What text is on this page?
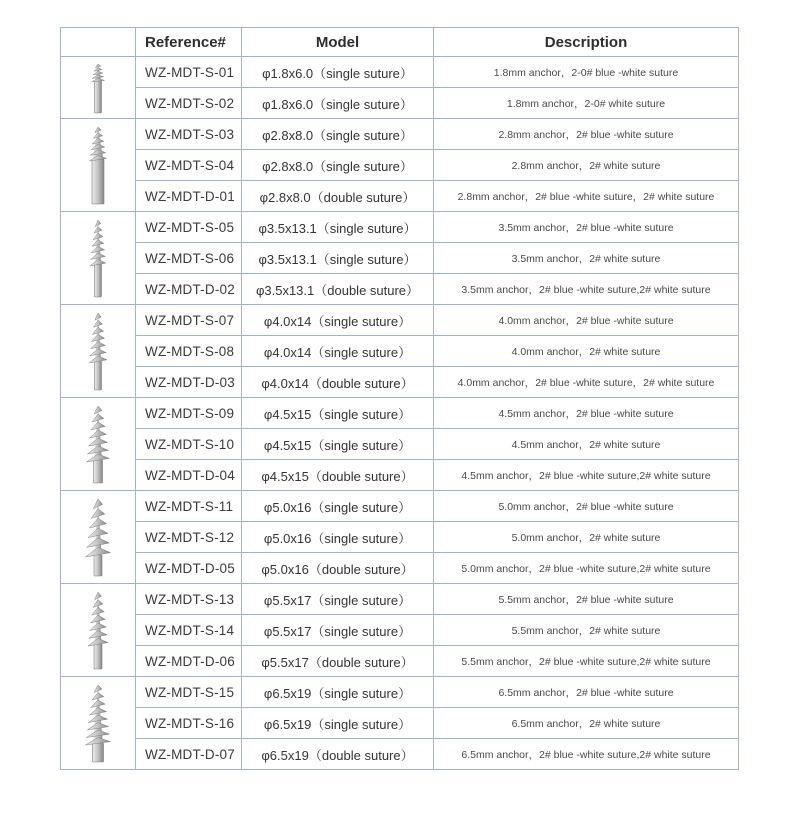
	Reference#	Model	Description

	WZ-MDT-S-01	φ1.8x6.0（single suture）	1.8mm anchor，2-0# blue -white suture
	WZ-MDT-S-02	φ1.8x6.0（single suture）	1.8mm anchor，2-0# white suture

	WZ-MDT-S-03	φ2.8x8.0（single suture）	2.8mm anchor，2# blue -white suture
	WZ-MDT-S-04	φ2.8x8.0（single suture）	2.8mm anchor，2# white suture
	WZ-MDT-D-01	φ2.8x8.0（double suture）	2.8mm anchor，2# blue -white suture，2# white suture

	WZ-MDT-S-05	φ3.5x13.1（single suture）	3.5mm anchor，2# blue -white suture
	WZ-MDT-S-06	φ3.5x13.1（single suture）	3.5mm anchor，2# white suture
	WZ-MDT-D-02	φ3.5x13.1（double suture）	3.5mm anchor，2# blue -white suture,2# white suture

	WZ-MDT-S-07	φ4.0x14（single suture）	4.0mm anchor，2# blue -white suture
	WZ-MDT-S-08	φ4.0x14（single suture）	4.0mm anchor，2# white suture
	WZ-MDT-D-03	φ4.0x14（double suture）	4.0mm anchor，2# blue -white suture，2# white suture

	WZ-MDT-S-09	φ4.5x15（single suture）	4.5mm anchor，2# blue -white suture
	WZ-MDT-S-10	φ4.5x15（single suture）	4.5mm anchor，2# white suture
	WZ-MDT-D-04	φ4.5x15（double suture）	4.5mm anchor，2# blue -white suture,2# white suture

	WZ-MDT-S-11	φ5.0x16（single suture）	5.0mm anchor，2# blue -white suture
	WZ-MDT-S-12	φ5.0x16（single suture）	5.0mm anchor，2# white suture
	WZ-MDT-D-05	φ5.0x16（double suture）	5.0mm anchor，2# blue -white suture,2# white suture

	WZ-MDT-S-13	φ5.5x17（single suture）	5.5mm anchor，2# blue -white suture
	WZ-MDT-S-14	φ5.5x17（single suture）	5.5mm anchor，2# white suture
	WZ-MDT-D-06	φ5.5x17（double suture）	5.5mm anchor，2# blue -white suture,2# white suture

	WZ-MDT-S-15	φ6.5x19（single suture）	6.5mm anchor，2# blue -white suture
	WZ-MDT-S-16	φ6.5x19（single suture）	6.5mm anchor，2# white suture
	WZ-MDT-D-07	φ6.5x19（double suture）	6.5mm anchor，2# blue -white suture,2# white suture
